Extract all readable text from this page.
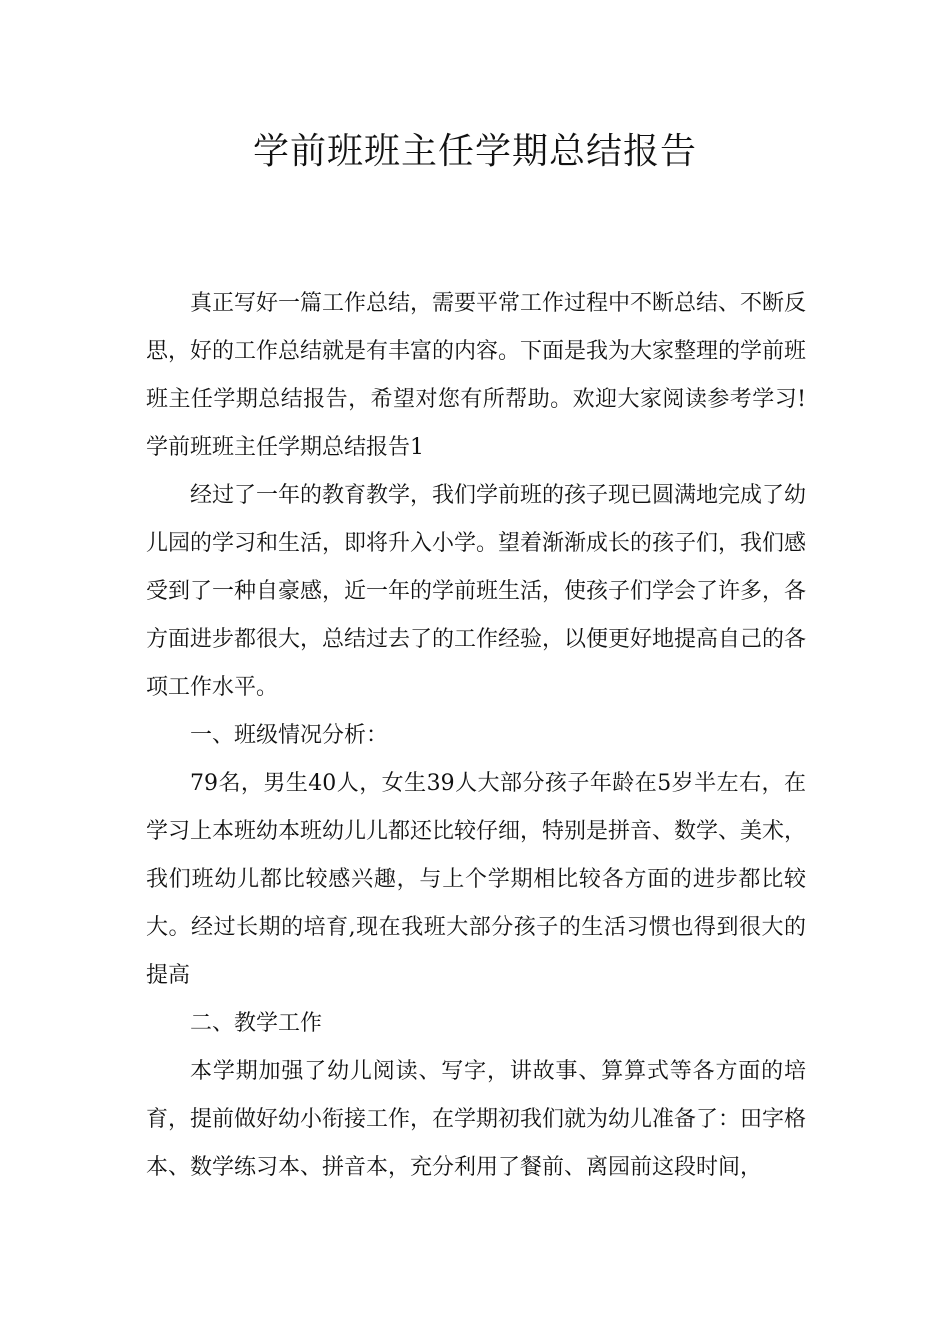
学前班班主任学期总结报告

真正写好一篇工作总结，需要平常工作过程中不断总结、不断反思，好的工作总结就是有丰富的内容。下面是我为大家整理的学前班班主任学期总结报告，希望对您有所帮助。欢迎大家阅读参考学习!学前班班主任学期总结报告1

经过了一年的教育教学，我们学前班的孩子现已圆满地完成了幼儿园的学习和生活，即将升入小学。望着渐渐成长的孩子们，我们感受到了一种自豪感，近一年的学前班生活，使孩子们学会了许多，各方面进步都很大，总结过去了的工作经验，以便更好地提高自己的各项工作水平。

一、班级情况分析：

79名，男生40人，女生39人大部分孩子年龄在5岁半左右，在学习上本班幼本班幼儿儿都还比较仔细，特别是拼音、数学、美术，我们班幼儿都比较感兴趣，与上个学期相比较各方面的进步都比较大。经过长期的培育,现在我班大部分孩子的生活习惯也得到很大的提高

二、教学工作

本学期加强了幼儿阅读、写字，讲故事、算算式等各方面的培育，提前做好幼小衔接工作，在学期初我们就为幼儿准备了：田字格本、数学练习本、拼音本，充分利用了餐前、离园前这段时间，
